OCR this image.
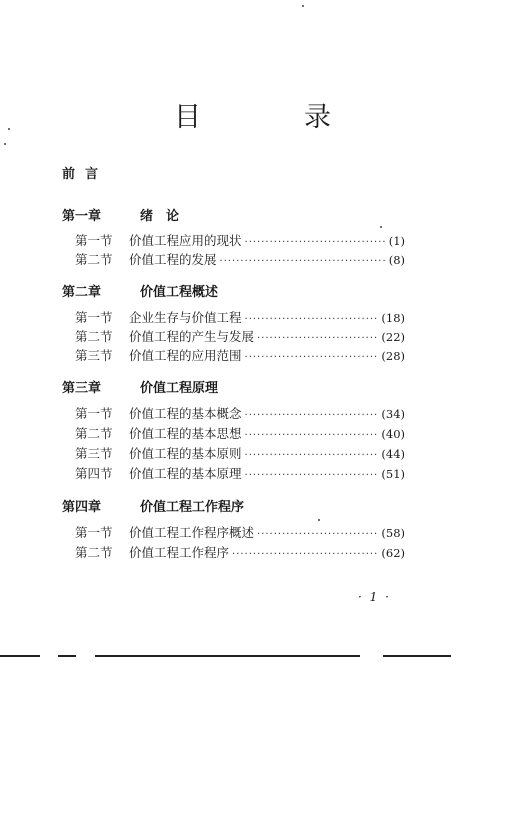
目　录
前言
第一章	绪　论
第一节	价值工程应用的现状 ·····	(1)
第二节	价值工程的发展 ·····	(8)
第二章	价值工程概述
第一节	企业生存与价值工程 ·····	(18)
第二节	价值工程的产生与发展 ·····	(22)
第三节	价值工程的应用范围 ·····	(28)
第三章	价值工程原理
第一节	价值工程的基本概念 ·····	(34)
第二节	价值工程的基本思想 ·····	(40)
第三节	价值工程的基本原则 ·····	(44)
第四节	价值工程的基本原理 ·····	(51)
第四章	价值工程工作程序
第一节	价值工程工作程序概述 ·····	(58)
第二节	价值工程工作程序 ·····	(62)
· 1 ·
